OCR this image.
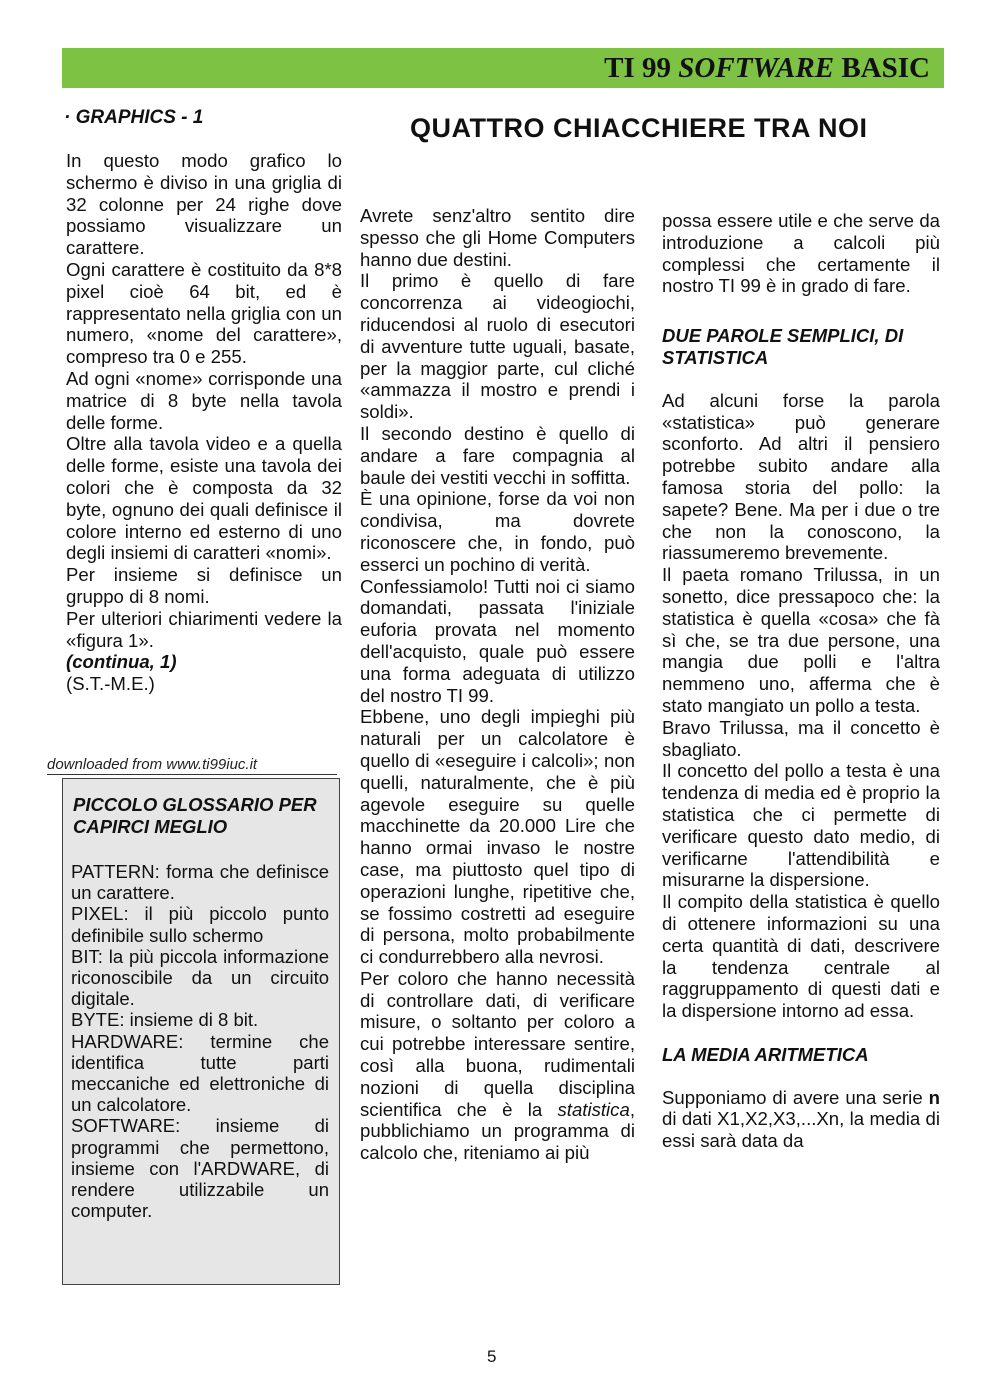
TI 99 SOFTWARE BASIC
· GRAPHICS - 1	QUATTRO CHIACCHIERE TRA NOI

In questo modo grafico lo schermo è diviso in una griglia di 32 colonne per 24 righe dove possiamo visualizzare un carattere.

Ogni carattere è costituito da 8*8 pixel cioè 64 bit, ed è rappresentato nella griglia con un numero, «nome del carattere», compreso tra 0 e 255.

Ad ogni «nome» corrisponde una matrice di 8 byte nella tavola delle forme.

Oltre alla tavola video e a quella delle forme, esiste una tavola dei colori che è composta da 32 byte, ognuno dei quali definisce il colore interno ed esterno di uno degli insiemi di caratteri «nomi».

Per insieme si definisce un gruppo di 8 nomi.

Per ulteriori chiarimenti vedere la «figura 1».

(continua, 1)

(S.T.-M.E.)

downloaded from www.ti99iuc.it
PICCOLO GLOSSARIO PER CAPIRCI MEGLIO

PATTERN: forma che definisce un carattere.

PIXEL: il più piccolo punto definibile sullo schermo

BIT: la più piccola informazione riconoscibile da un circuito digitale.

BYTE: insieme di 8 bit.

HARDWARE: termine che identifica tutte parti meccaniche ed elettroniche di un calcolatore.

SOFTWARE: insieme di programmi che permettono, insieme con l'ARDWARE, di rendere utilizzabile un computer.

Avrete senz'altro sentito dire spesso che gli Home Computers hanno due destini.

Il primo è quello di fare concorrenza ai videogiochi, riducendosi al ruolo di esecutori di avventure tutte uguali, basate, per la maggior parte, cul cliché «ammazza il mostro e prendi i soldi».

Il secondo destino è quello di andare a fare compagnia al baule dei vestiti vecchi in soffitta.

È una opinione, forse da voi non condivisa, ma dovrete riconoscere che, in fondo, può esserci un pochino di verità.

Confessiamolo! Tutti noi ci siamo domandati, passata l'iniziale euforia provata nel momento dell'acquisto, quale può essere una forma adeguata di utilizzo del nostro TI 99.

Ebbene, uno degli impieghi più naturali per un calcolatore è quello di «eseguire i calcoli»; non quelli, naturalmente, che è più agevole eseguire su quelle macchinette da 20.000 Lire che hanno ormai invaso le nostre case, ma piuttosto quel tipo di operazioni lunghe, ripetitive che, se fossimo costretti ad eseguire di persona, molto probabilmente ci condurrebbero alla nevrosi.

Per coloro che hanno necessità di controllare dati, di verificare misure, o soltanto per coloro a cui potrebbe interessare sentire, così alla buona, rudimentali nozioni di quella disciplina scientifica che è la statistica, pubblichiamo un programma di calcolo che, riteniamo ai più

possa essere utile e che serve da introduzione a calcoli più complessi che certamente il nostro TI 99 è in grado di fare.

DUE PAROLE SEMPLICI, DI STATISTICA

Ad alcuni forse la parola «statistica» può generare sconforto. Ad altri il pensiero potrebbe subito andare alla famosa storia del pollo: la sapete? Bene. Ma per i due o tre che non la conoscono, la riassumeremo brevemente.

Il paeta romano Trilussa, in un sonetto, dice pressapoco che: la statistica è quella «cosa» che fà sì che, se tra due persone, una mangia due polli e l'altra nemmeno uno, afferma che è stato mangiato un pollo a testa.

Bravo Trilussa, ma il concetto è sbagliato.

Il concetto del pollo a testa è una tendenza di media ed è proprio la statistica che ci permette di verificare questo dato medio, di verificarne l'attendibilità e misurarne la dispersione.

Il compito della statistica è quello di ottenere informazioni su una certa quantità di dati, descrivere la tendenza centrale al raggruppamento di questi dati e la dispersione intorno ad essa.

LA MEDIA ARITMETICA

Supponiamo di avere una serie n di dati X1,X2,X3,...Xn, la media di essi sarà data da

5
